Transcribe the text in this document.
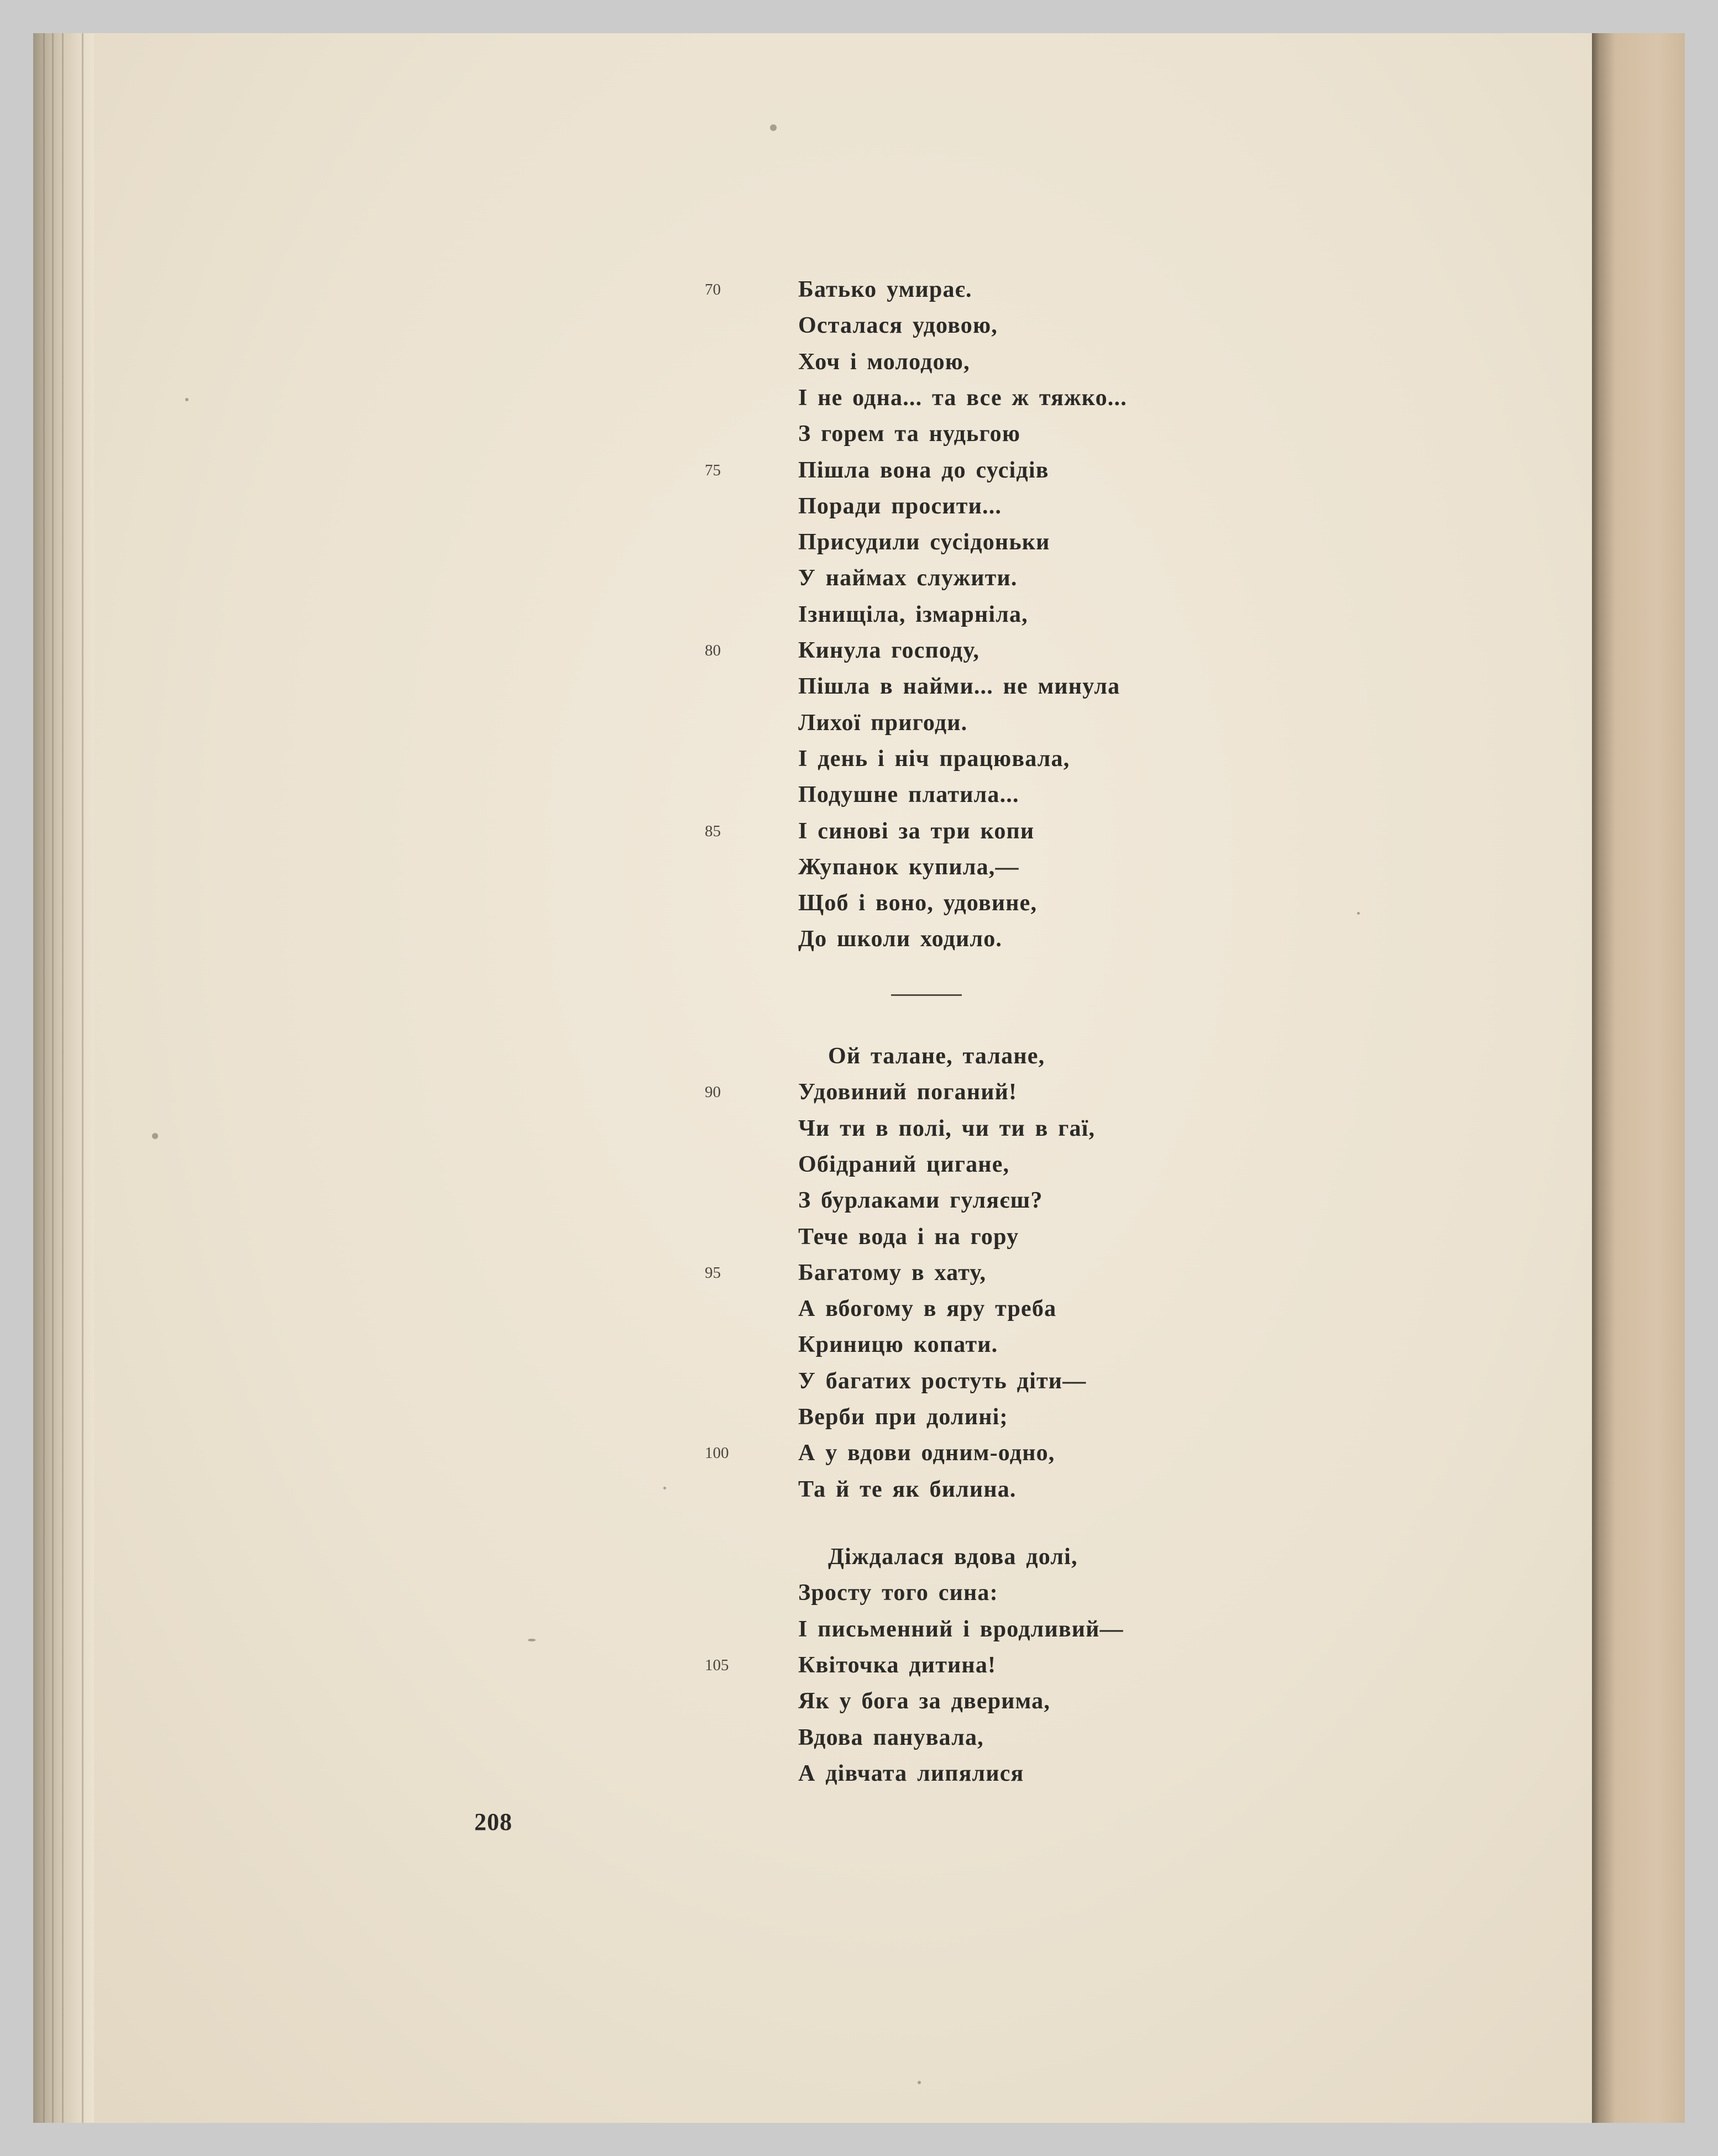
70	Батько умирає.
Осталася удовою,
Хоч і молодою,
І не одна... та все ж тяжко...
З горем та нудьгою
75	Пішла вона до сусідів
Поради просити...
Присудили сусідоньки
У наймах служити.
Ізнищіла, ізмарніла,
80	Кинула господу,
Пішла в найми... не минула
Лихої пригоди.
І день і ніч працювала,
Подушне платила...
85	І синові за три копи
Жупанок купила,—
Щоб і воно, удовине,
До школи ходило.
Ой талане, талане,
90	Удовиний поганий!
Чи ти в полі, чи ти в гаї,
Обідраний цигане,
З бурлаками гуляєш?
Тече вода і на гору
95	Багатому в хату,
А вбогому в яру треба
Криницю копати.
У багатих ростуть діти—
Верби при долині;
100	А у вдови одним-одно,
Та й те як билина.
Діждалася вдова долі,
Зросту того сина:
І письменний і вродливий—
105	Квіточка дитина!
Як у бога за дверима,
Вдова панувала,
А дівчата липялися
208
